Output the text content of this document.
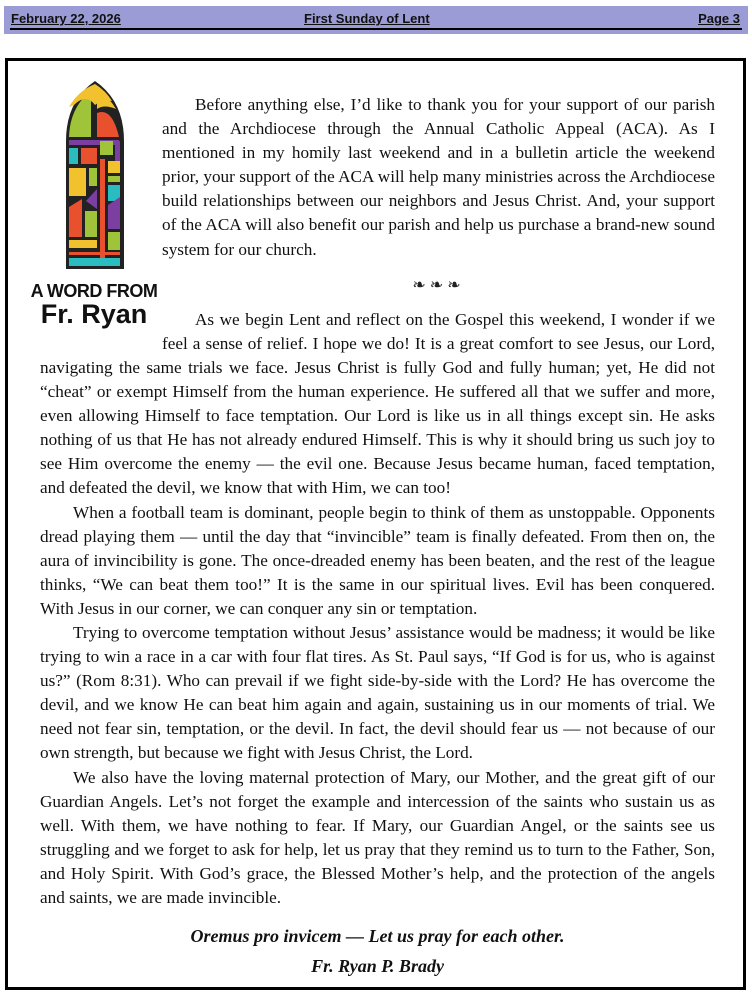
February 22, 2026	First Sunday of Lent	Page 3
A WORD FROM
Fr. Ryan

Before anything else, I’d like to thank you for your support of our parish and the Archdiocese through the Annual Catholic Appeal (ACA). As I mentioned in my homily last weekend and in a bulletin article the weekend prior, your support of the ACA will help many ministries across the Archdiocese build relationships between our neighbors and Jesus Christ. And, your support of the ACA will also benefit our parish and help us purchase a brand-new sound system for our church.

❧❧❧

As we begin Lent and reflect on the Gospel this weekend, I wonder if we feel a sense of relief. I hope we do! It is a great comfort to see Jesus, our Lord, navigating the same trials we face. Jesus Christ is fully God and fully human; yet, He did not “cheat” or exempt Himself from the human experience. He suffered all that we suffer and more, even allowing Himself to face temptation. Our Lord is like us in all things except sin. He asks nothing of us that He has not already endured Himself. This is why it should bring us such joy to see Him overcome the enemy — the evil one. Because Jesus became human, faced temptation, and defeated the devil, we know that with Him, we can too!

When a football team is dominant, people begin to think of them as unstoppable. Opponents dread playing them — until the day that “invincible” team is finally defeated. From then on, the aura of invincibility is gone. The once-dreaded enemy has been beaten, and the rest of the league thinks, “We can beat them too!” It is the same in our spiritual lives. Evil has been conquered. With Jesus in our corner, we can conquer any sin or temptation.

Trying to overcome temptation without Jesus’ assistance would be madness; it would be like trying to win a race in a car with four flat tires. As St. Paul says, “If God is for us, who is against us?” (Rom 8:31). Who can prevail if we fight side-by-side with the Lord? He has overcome the devil, and we know He can beat him again and again, sustaining us in our moments of trial. We need not fear sin, temptation, or the devil. In fact, the devil should fear us — not because of our own strength, but because we fight with Jesus Christ, the Lord.

We also have the loving maternal protection of Mary, our Mother, and the great gift of our Guardian Angels. Let’s not forget the example and intercession of the saints who sustain us as well. With them, we have nothing to fear. If Mary, our Guardian Angel, or the saints see us struggling and we forget to ask for help, let us pray that they remind us to turn to the Father, Son, and Holy Spirit. With God’s grace, the Blessed Mother’s help, and the protection of the angels and saints, we are made invincible.

Oremus pro invicem — Let us pray for each other.
Fr. Ryan P. Brady
